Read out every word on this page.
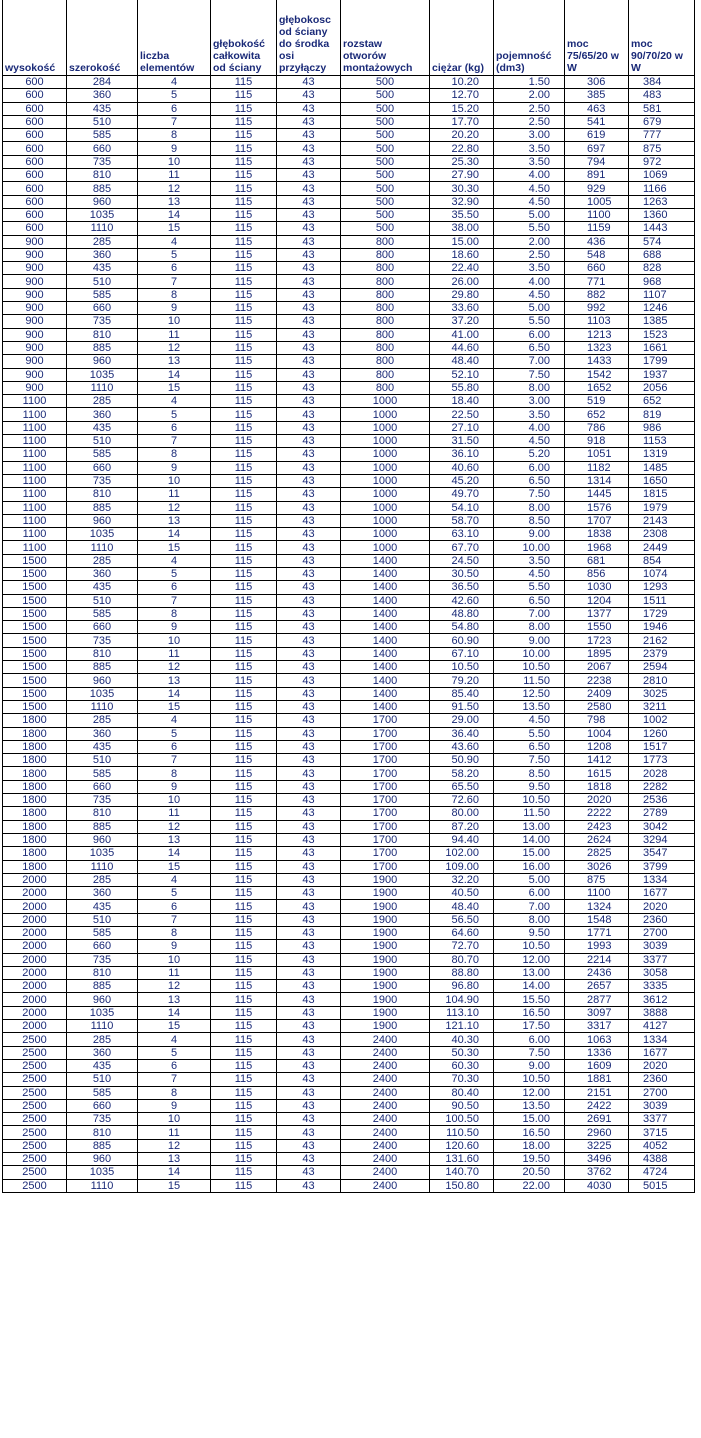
wysokość	szerokość	liczba elementów	głębokość całkowita od ściany	głębokosc od ściany do środka osi przyłączy	rozstaw otworów montażowych	ciężar (kg)	pojemność (dm3)	moc 75/65/20 w W	moc 90/70/20 w W
600	284	4	115	43	500	10.20	1.50	306	384
600	360	5	115	43	500	12.70	2.00	385	483
600	435	6	115	43	500	15.20	2.50	463	581
600	510	7	115	43	500	17.70	2.50	541	679
600	585	8	115	43	500	20.20	3.00	619	777
600	660	9	115	43	500	22.80	3.50	697	875
600	735	10	115	43	500	25.30	3.50	794	972
600	810	11	115	43	500	27.90	4.00	891	1069
600	885	12	115	43	500	30.30	4.50	929	1166
600	960	13	115	43	500	32.90	4.50	1005	1263
600	1035	14	115	43	500	35.50	5.00	1100	1360
600	1110	15	115	43	500	38.00	5.50	1159	1443
900	285	4	115	43	800	15.00	2.00	436	574
900	360	5	115	43	800	18.60	2.50	548	688
900	435	6	115	43	800	22.40	3.50	660	828
900	510	7	115	43	800	26.00	4.00	771	968
900	585	8	115	43	800	29.80	4.50	882	1107
900	660	9	115	43	800	33.60	5.00	992	1246
900	735	10	115	43	800	37.20	5.50	1103	1385
900	810	11	115	43	800	41.00	6.00	1213	1523
900	885	12	115	43	800	44.60	6.50	1323	1661
900	960	13	115	43	800	48.40	7.00	1433	1799
900	1035	14	115	43	800	52.10	7.50	1542	1937
900	1110	15	115	43	800	55.80	8.00	1652	2056
1100	285	4	115	43	1000	18.40	3.00	519	652
1100	360	5	115	43	1000	22.50	3.50	652	819
1100	435	6	115	43	1000	27.10	4.00	786	986
1100	510	7	115	43	1000	31.50	4.50	918	1153
1100	585	8	115	43	1000	36.10	5.20	1051	1319
1100	660	9	115	43	1000	40.60	6.00	1182	1485
1100	735	10	115	43	1000	45.20	6.50	1314	1650
1100	810	11	115	43	1000	49.70	7.50	1445	1815
1100	885	12	115	43	1000	54.10	8.00	1576	1979
1100	960	13	115	43	1000	58.70	8.50	1707	2143
1100	1035	14	115	43	1000	63.10	9.00	1838	2308
1100	1110	15	115	43	1000	67.70	10.00	1968	2449
1500	285	4	115	43	1400	24.50	3.50	681	854
1500	360	5	115	43	1400	30.50	4.50	856	1074
1500	435	6	115	43	1400	36.50	5.50	1030	1293
1500	510	7	115	43	1400	42.60	6.50	1204	1511
1500	585	8	115	43	1400	48.80	7.00	1377	1729
1500	660	9	115	43	1400	54.80	8.00	1550	1946
1500	735	10	115	43	1400	60.90	9.00	1723	2162
1500	810	11	115	43	1400	67.10	10.00	1895	2379
1500	885	12	115	43	1400	10.50	10.50	2067	2594
1500	960	13	115	43	1400	79.20	11.50	2238	2810
1500	1035	14	115	43	1400	85.40	12.50	2409	3025
1500	1110	15	115	43	1400	91.50	13.50	2580	3211
1800	285	4	115	43	1700	29.00	4.50	798	1002
1800	360	5	115	43	1700	36.40	5.50	1004	1260
1800	435	6	115	43	1700	43.60	6.50	1208	1517
1800	510	7	115	43	1700	50.90	7.50	1412	1773
1800	585	8	115	43	1700	58.20	8.50	1615	2028
1800	660	9	115	43	1700	65.50	9.50	1818	2282
1800	735	10	115	43	1700	72.60	10.50	2020	2536
1800	810	11	115	43	1700	80.00	11.50	2222	2789
1800	885	12	115	43	1700	87.20	13.00	2423	3042
1800	960	13	115	43	1700	94.40	14.00	2624	3294
1800	1035	14	115	43	1700	102.00	15.00	2825	3547
1800	1110	15	115	43	1700	109.00	16.00	3026	3799
2000	285	4	115	43	1900	32.20	5.00	875	1334
2000	360	5	115	43	1900	40.50	6.00	1100	1677
2000	435	6	115	43	1900	48.40	7.00	1324	2020
2000	510	7	115	43	1900	56.50	8.00	1548	2360
2000	585	8	115	43	1900	64.60	9.50	1771	2700
2000	660	9	115	43	1900	72.70	10.50	1993	3039
2000	735	10	115	43	1900	80.70	12.00	2214	3377
2000	810	11	115	43	1900	88.80	13.00	2436	3058
2000	885	12	115	43	1900	96.80	14.00	2657	3335
2000	960	13	115	43	1900	104.90	15.50	2877	3612
2000	1035	14	115	43	1900	113.10	16.50	3097	3888
2000	1110	15	115	43	1900	121.10	17.50	3317	4127
2500	285	4	115	43	2400	40.30	6.00	1063	1334
2500	360	5	115	43	2400	50.30	7.50	1336	1677
2500	435	6	115	43	2400	60.30	9.00	1609	2020
2500	510	7	115	43	2400	70.30	10.50	1881	2360
2500	585	8	115	43	2400	80.40	12.00	2151	2700
2500	660	9	115	43	2400	90.50	13.50	2422	3039
2500	735	10	115	43	2400	100.50	15.00	2691	3377
2500	810	11	115	43	2400	110.50	16.50	2960	3715
2500	885	12	115	43	2400	120.60	18.00	3225	4052
2500	960	13	115	43	2400	131.60	19.50	3496	4388
2500	1035	14	115	43	2400	140.70	20.50	3762	4724
2500	1110	15	115	43	2400	150.80	22.00	4030	5015
